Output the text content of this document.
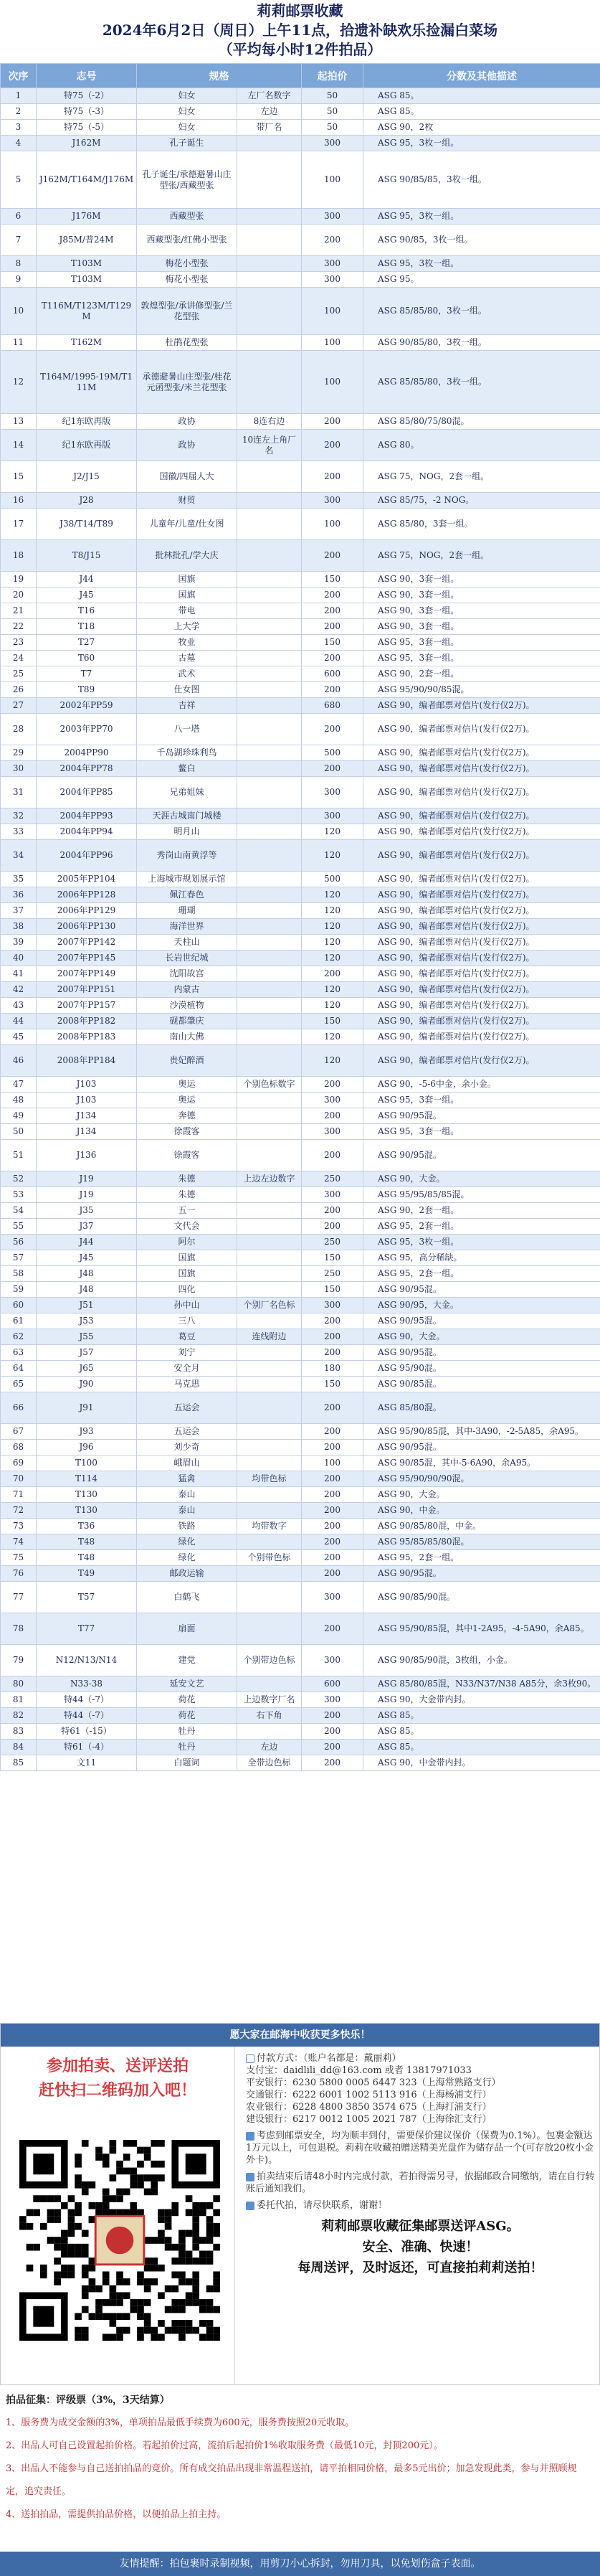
莉莉邮票收藏
2024年6月2日（周日）上午11点，拾遗补缺欢乐捡漏白菜场
（平均每小时12件拍品）
次序	志号	规格		起拍价	分数及其他描述
1	特75（-2）	妇女	左厂名数字	50	ASG 85。
2	特75（-3）	妇女	左边	50	ASG 85。
3	特75（-5）	妇女	带厂名	50	ASG 90，2枚
4	J162M	孔子诞生		300	ASG 95，3枚一组。
5	J162M/T164M/J176M	孔子诞生/承德避暑山庄型张/西藏型张		100	ASG 90/85/85，3枚一组。
6	J176M	西藏型张		300	ASG 95，3枚一组。
7	J85M/普24M	西藏型张/红佛小型张		200	ASG 90/85，3枚一组。
8	T103M	梅花小型张		300	ASG 95，3枚一组。
9	T103M	梅花小型张		300	ASG 95。
10	T116M/T123M/T129M	敦煌型张/承讲修型张/兰花型张		100	ASG 85/85/80，3枚一组。
11	T162M	杜鹃花型张		100	ASG 90/85/80，3枚一组。
12	T164M/1995-19M/T111M	承德避暑山庄型张/桂花元函型张/米兰花型张		100	ASG 85/85/80，3枚一组。
13	纪1东欧再版	政协	8连右边	200	ASG 85/80/75/80混。
14	纪1东欧再版	政协	10连左上角厂名	200	ASG 80。
15	J2/J15	国徽/四届人大		200	ASG 75，NOG，2套一组。
16	J28	财贸		300	ASG 85/75，-2 NOG。
17	J38/T14/T89	儿童年/儿童/仕女图		100	ASG 85/80，3套一组。
18	T8/J15	批林批孔/学大庆		200	ASG 75，NOG，2套一组。
19	J44	国旗		150	ASG 90，3套一组。
20	J45	国旗		200	ASG 90，3套一组。
21	T16	带电		200	ASG 90，3套一组。
22	T18	上大学		200	ASG 90，3套一组。
23	T27	牧业		150	ASG 95，3套一组。
24	T60	古墓		200	ASG 95，3套一组。
25	T7	武术		600	ASG 90，2套一组。
26	T89	仕女图		200	ASG 95/90/90/85混。
27	2002年PP59	吉祥		680	ASG 90，编者邮票对信片(发行仅2万)。
28	2003年PP70	八一塔		200	ASG 90，编者邮票对信片(发行仅2万)。
29	2004PP90	千岛湖珍珠利鸟		500	ASG 90，编者邮票对信片(发行仅2万)。
30	2004年PP78	鳌白		200	ASG 90，编者邮票对信片(发行仅2万)。
31	2004年PP85	兄弟姐妹		300	ASG 90，编者邮票对信片(发行仅2万)。
32	2004年PP93	天涯古城南门城楼		300	ASG 90，编者邮票对信片(发行仅2万)。
33	2004年PP94	明月山		120	ASG 90，编者邮票对信片(发行仅2万)。
34	2004年PP96	秀岗山南黄浮等		120	ASG 90，编者邮票对信片(发行仅2万)。
35	2005年PP104	上海城市规划展示馆		500	ASG 90，编者邮票对信片(发行仅2万)。
36	2006年PP128	佩江春色		120	ASG 90，编者邮票对信片(发行仅2万)。
37	2006年PP129	珊瑚		120	ASG 90，编者邮票对信片(发行仅2万)。
38	2006年PP130	海洋世界		120	ASG 90，编者邮票对信片(发行仅2万)。
39	2007年PP142	天柱山		120	ASG 90，编者邮票对信片(发行仅2万)。
40	2007年PP145	长岩世纪城		120	ASG 90，编者邮票对信片(发行仅2万)。
41	2007年PP149	沈阳故宫		200	ASG 90，编者邮票对信片(发行仅2万)。
42	2007年PP151	内蒙古		120	ASG 90，编者邮票对信片(发行仅2万)。
43	2007年PP157	沙漠植物		120	ASG 90，编者邮票对信片(发行仅2万)。
44	2008年PP182	砚都肇庆		150	ASG 90，编者邮票对信片(发行仅2万)。
45	2008年PP183	南山大佛		120	ASG 90，编者邮票对信片(发行仅2万)。
46	2008年PP184	贵妃醉酒		120	ASG 90，编者邮票对信片(发行仅2万)。
47	J103	奥运	个别色标数字	200	ASG 90，-5-6中金，余小金。
48	J103	奥运		300	ASG 95，3套一组。
49	J134	奔德		200	ASG 90/95混。
50	J134	徐霞客		300	ASG 95，3套一组。
51	J136	徐霞客		200	ASG 90/95混。
52	J19	朱德	上边左边数字	250	ASG 90，大金。
53	J19	朱德		300	ASG 95/95/85/85混。
54	J35	五一		200	ASG 90，2套一组。
55	J37	文代会		200	ASG 95，2套一组。
56	J44	阿尔		250	ASG 95，3枚一组。
57	J45	国旗		150	ASG 95，高分稀缺。
58	J48	国旗		250	ASG 95，2套一组。
59	J48	四化		150	ASG 90/95混。
60	J51	孙中山	个别厂名色标	300	ASG 90/95，大金。
61	J53	三八		200	ASG 90/95混。
62	J55	葛豆	连线附边	200	ASG 90，大金。
63	J57	刘宁		200	ASG 90/95混。
64	J65	安全月		180	ASG 95/90混。
65	J90	马克思		150	ASG 90/85混。
66	J91	五运会		200	ASG 85/80混。
67	J93	五运会		200	ASG 95/90/85混，其中-3A90，-2-5A85，余A95。
68	J96	刘少奇		200	ASG 90/95混。
69	T100	峨眉山		100	ASG 90/85混，其中-5-6A90，余A95。
70	T114	猛禽	均带色标	200	ASG 95/90/90/90混。
71	T130	泰山		200	ASG 90，大金。
72	T130	泰山		200	ASG 90，中金。
73	T36	铁路	均带数字	200	ASG 90/85/80混，中金。
74	T48	绿化		200	ASG 95/85/85/80混。
75	T48	绿化	个别带色标	200	ASG 95，2套一组。
76	T49	邮政运输		200	ASG 90/95混。
77	T57	白鹤飞		300	ASG 90/85/90混。
78	T77	扇面		200	ASG 95/90/85混，其中1-2A95，-4-5A90，余A85。
79	N12/N13/N14	建党	个别带边色标	300	ASG 90/85/90混，3枚组，小金。
80	N33-38	延安文艺		600	ASG 85/80/85混，N33/N37/N38 A85分，余3枚90。
81	特44（-7）	荷花	上边数字厂名	300	ASG 90，大金带内封。
82	特44（-7）	荷花	右下角	200	ASG 85。
83	特61（-15）	牡丹		200	ASG 85。
84	特61（-4）	牡丹	左边	200	ASG 85。
85	文11	白题词	全带边色标	200	ASG 90，中金带内封。
愿大家在邮海中收获更多快乐！
参加拍卖、送评送拍
赶快扫二维码加入吧！

付款方式：（账户名都是：戴丽莉）

支付宝：daidlili_dd@163.com 或者 13817971033

平安银行：6230 5800 0005 6447 323（上海常熟路支行）

交通银行：6222 6001 1002 5113 916（上海杨浦支行）

农业银行：6228 4800 3850 3574 675（上海打浦支行）

建设银行：6217 0012 1005 2021 787（上海徐汇支行）

考虑到邮票安全，均为顺丰到付，需要保价建议保价（保费为0.1%）。包裹金额达1万元以上，可包退税。莉莉在收藏拍赠送精美光盘作为储存品一个(可存放20枚小金外卡)。

拍卖结束后请48小时内完成付款，若拍得需另寻，依据邮政合同缴纳，请在自行转账后通知我们。

委托代拍，请尽快联系，谢谢！

莉莉邮票收藏征集邮票送评ASG。
安全、准确、快速！
每周送评，及时返还，可直接拍莉莉送拍！
拍品征集：评级票（3%，3天结算）
1、服务费为成交金额的3%，单项拍品最低手续费为600元，服务费按照20元收取。
2、出品人可自己设置起拍价格。若起拍价过高，流拍后起拍价1%收取服务费（最低10元，封顶200元）。
3、出品人不能参与自己送拍拍品的竞价。所有成交拍品出现非常温程送拍，请平拍相同价格，最多5元出价；加急发现此类，参与并照顾规定，追究责任。
4、送拍拍品，需提供拍品价格，以便拍品上拍主持。
友情提醒：拍包裹时录制视频，用剪刀小心拆封，勿用刀具，以免划伤盒子表面。
